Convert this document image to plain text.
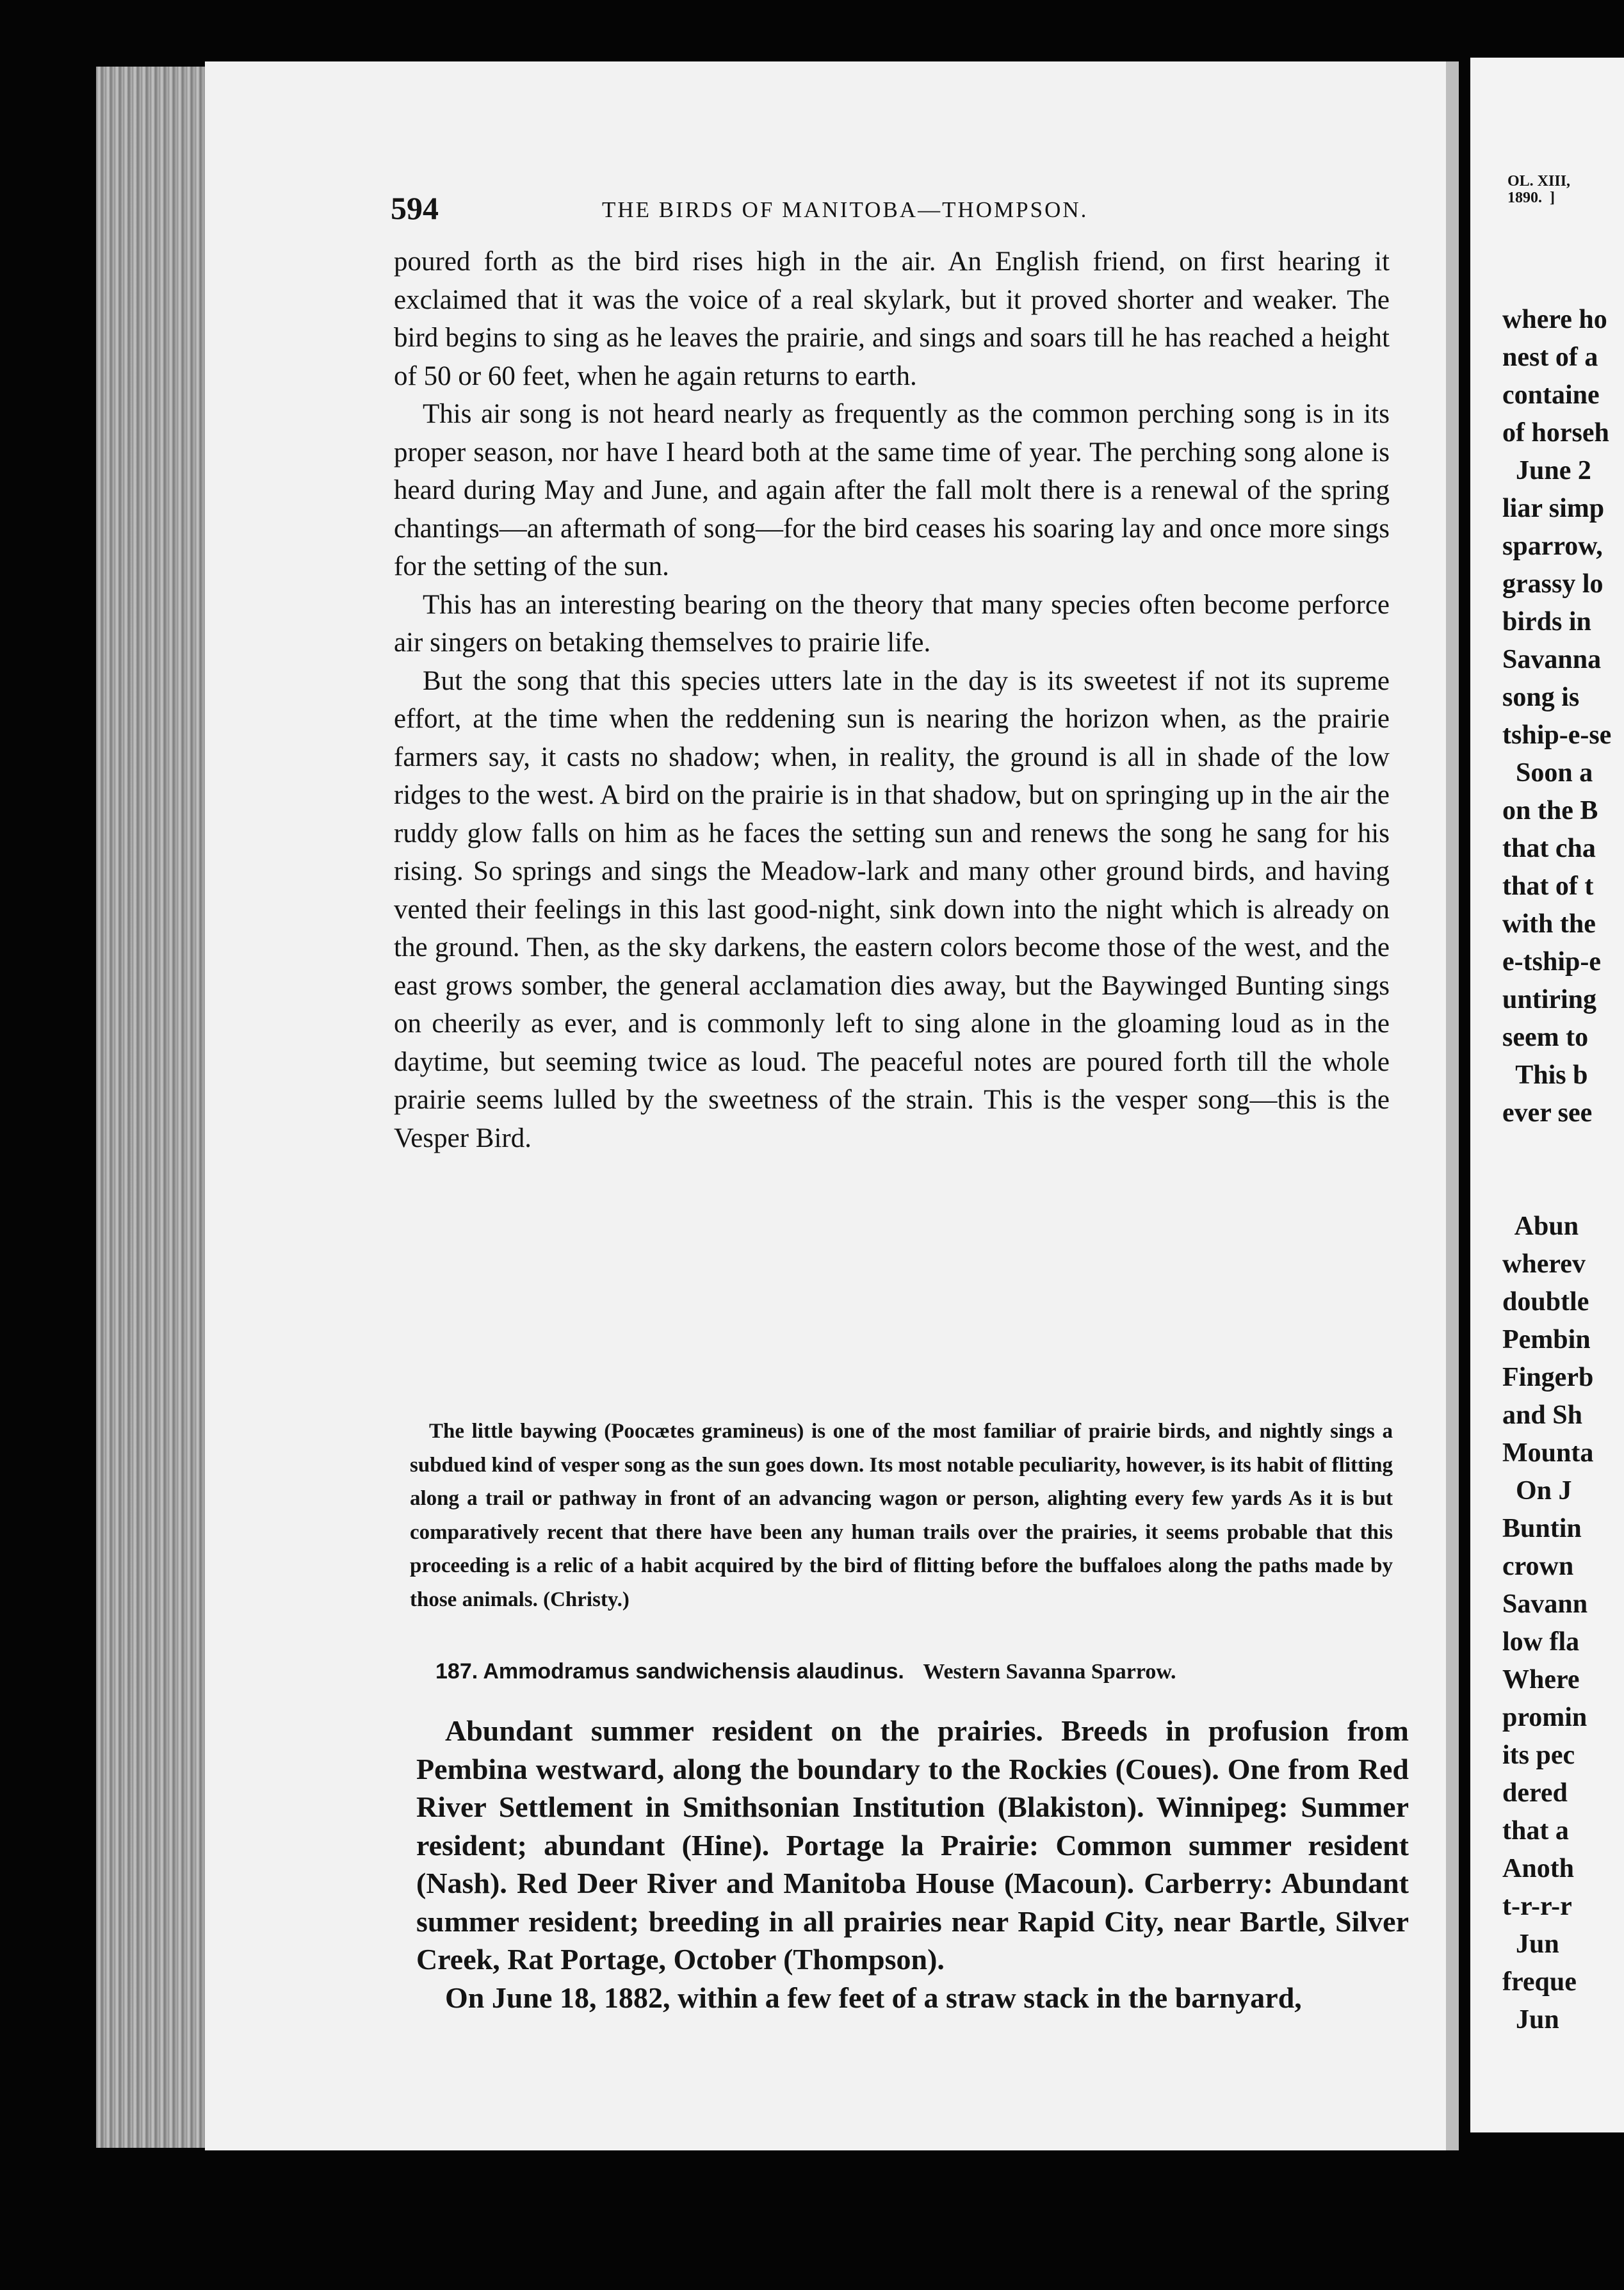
594	THE BIRDS OF MANITOBA—THOMPSON.

poured forth as the bird rises high in the air. An English friend, on first hearing it exclaimed that it was the voice of a real skylark, but it proved shorter and weaker. The bird begins to sing as he leaves the prairie, and sings and soars till he has reached a height of 50 or 60 feet, when he again returns to earth.

This air song is not heard nearly as frequently as the common perching song is in its proper season, nor have I heard both at the same time of year. The perching song alone is heard during May and June, and again after the fall molt there is a renewal of the spring chantings—an aftermath of song—for the bird ceases his soaring lay and once more sings for the setting of the sun.

This has an interesting bearing on the theory that many species often become perforce air singers on betaking themselves to prairie life.

But the song that this species utters late in the day is its sweetest if not its supreme effort, at the time when the reddening sun is nearing the horizon when, as the prairie farmers say, it casts no shadow; when, in reality, the ground is all in shade of the low ridges to the west. A bird on the prairie is in that shadow, but on springing up in the air the ruddy glow falls on him as he faces the setting sun and renews the song he sang for his rising. So springs and sings the Meadow-lark and many other ground birds, and having vented their feelings in this last good-night, sink down into the night which is already on the ground. Then, as the sky darkens, the eastern colors become those of the west, and the east grows somber, the general acclamation dies away, but the Baywinged Bunting sings on cheerily as ever, and is commonly left to sing alone in the gloaming loud as in the daytime, but seeming twice as loud. The peaceful notes are poured forth till the whole prairie seems lulled by the sweetness of the strain. This is the vesper song—this is the Vesper Bird.

The little baywing (Poocætes gramineus) is one of the most familiar of prairie birds, and nightly sings a subdued kind of vesper song as the sun goes down. Its most notable peculiarity, however, is its habit of flitting along a trail or pathway in front of an advancing wagon or person, alighting every few yards As it is but comparatively recent that there have been any human trails over the prairies, it seems probable that this proceeding is a relic of a habit acquired by the bird of flitting before the buffaloes along the paths made by those animals. (Christy.)

187. Ammodramus sandwichensis alaudinus. Western Savanna Sparrow.

Abundant summer resident on the prairies. Breeds in profusion from Pembina westward, along the boundary to the Rockies (Coues). One from Red River Settlement in Smithsonian Institution (Blakiston). Winnipeg: Summer resident; abundant (Hine). Portage la Prairie: Common summer resident (Nash). Red Deer River and Manitoba House (Macoun). Carberry: Abundant summer resident; breeding in all prairies near Rapid City, near Bartle, Silver Creek, Rat Portage, October (Thompson).

On June 18, 1882, within a few feet of a straw stack in the barnyard,

OL. XIII,
1890.  ]
where ho
nest of a
containe
of horseh
June 2
liar simp
sparrow,
grassy lo
birds in
Savanna
song is
tship-e-se
Soon a
on the B
that cha
that of t
with the
e-tship-e
untiring
seem to
This b
ever see

Abun
wherev
doubtle
Pembin
Fingerb
and Sh
Mounta
On J
Buntin
crown
Savann
low fla
Where
promin
its pec
dered
that a
Anoth
t-r-r-r
Jun
freque
Jun
